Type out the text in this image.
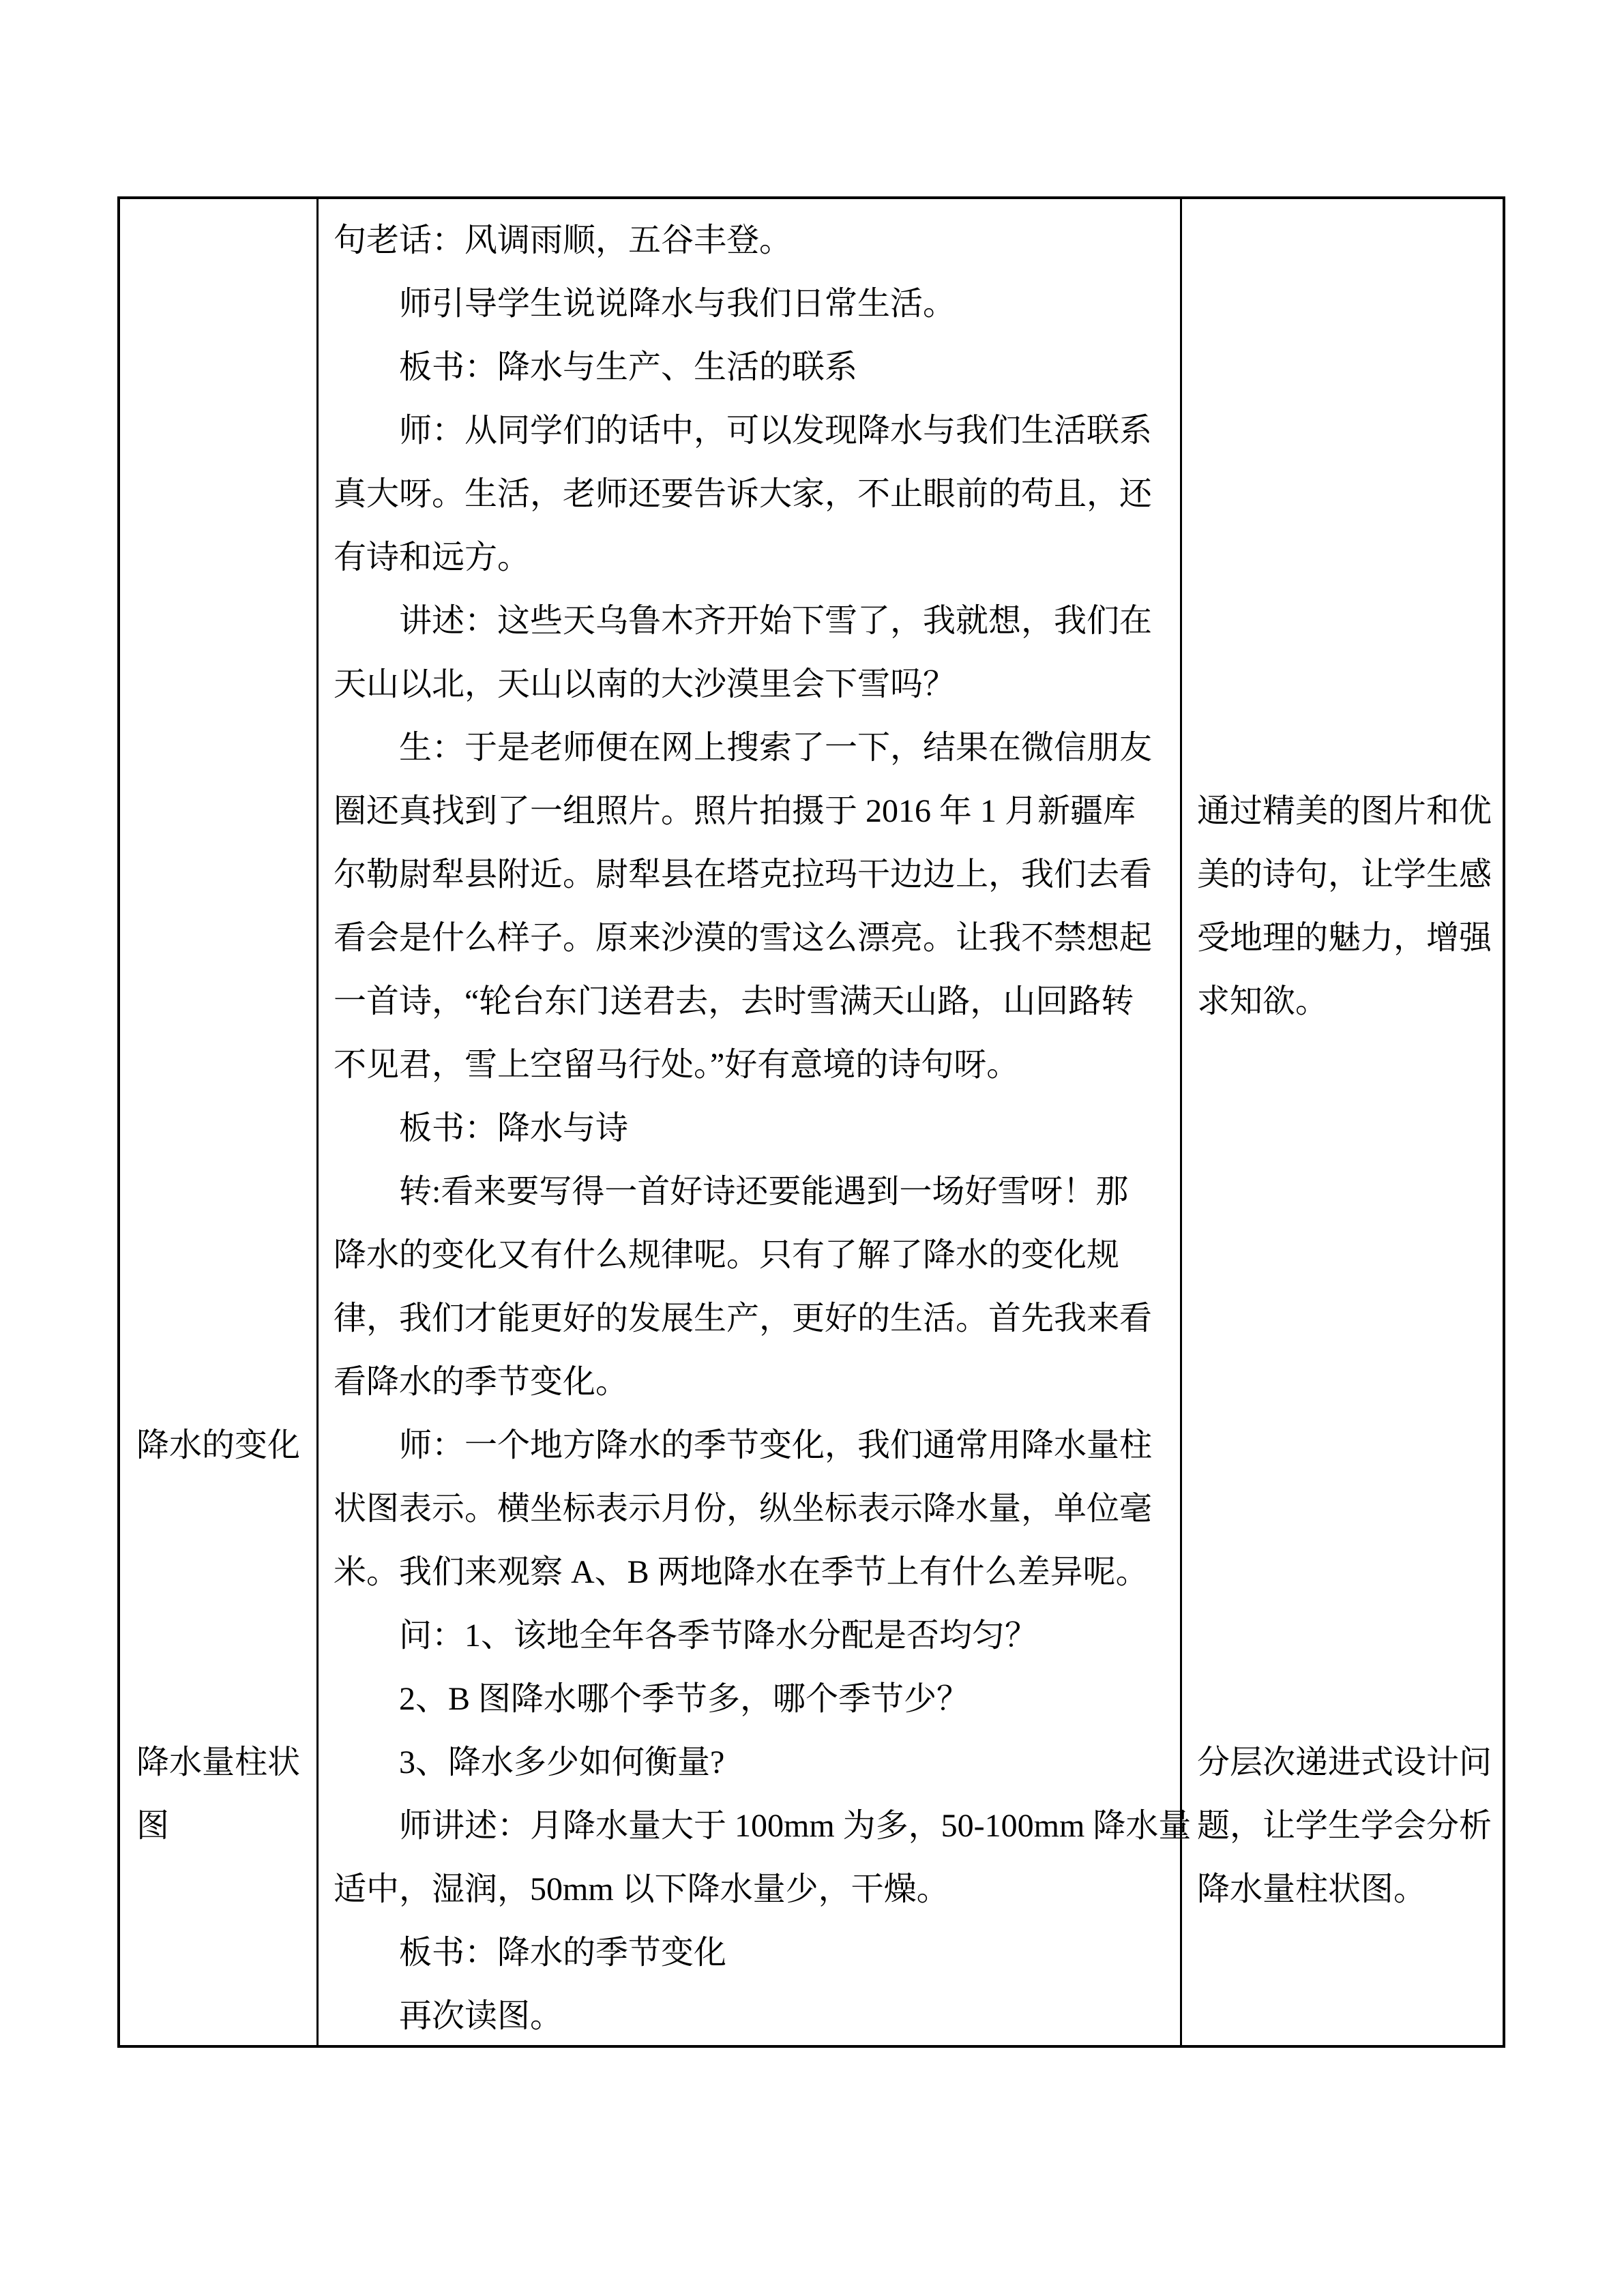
降水的变化
降水量柱状图
句老话：风调雨顺，五谷丰登。
师引导学生说说降水与我们日常生活。
板书：降水与生产、生活的联系
师：从同学们的话中，可以发现降水与我们生活联系
真大呀。生活，老师还要告诉大家，不止眼前的苟且，还
有诗和远方。
讲述：这些天乌鲁木齐开始下雪了，我就想，我们在
天山以北，天山以南的大沙漠里会下雪吗？
生：于是老师便在网上搜索了一下，结果在微信朋友
圈还真找到了一组照片。照片拍摄于 2016 年 1 月新疆库
尔勒尉犁县附近。尉犁县在塔克拉玛干边边上，我们去看
看会是什么样子。原来沙漠的雪这么漂亮。让我不禁想起
一首诗，“轮台东门送君去，去时雪满天山路，山回路转
不见君，雪上空留马行处。”好有意境的诗句呀。
板书：降水与诗
转:看来要写得一首好诗还要能遇到一场好雪呀！那
降水的变化又有什么规律呢。只有了解了降水的变化规
律，我们才能更好的发展生产，更好的生活。首先我来看
看降水的季节变化。
师：一个地方降水的季节变化，我们通常用降水量柱
状图表示。横坐标表示月份，纵坐标表示降水量，单位毫
米。我们来观察 A、B 两地降水在季节上有什么差异呢。
问：1、该地全年各季节降水分配是否均匀？
2、B 图降水哪个季节多，哪个季节少？
3、降水多少如何衡量?
师讲述：月降水量大于 100mm 为多，50-100mm 降水量
适中，湿润，50mm 以下降水量少，干燥。
板书：降水的季节变化
再次读图。
通过精美的图片和优
美的诗句，让学生感
受地理的魅力，增强
求知欲。
分层次递进式设计问
题，让学生学会分析
降水量柱状图。
